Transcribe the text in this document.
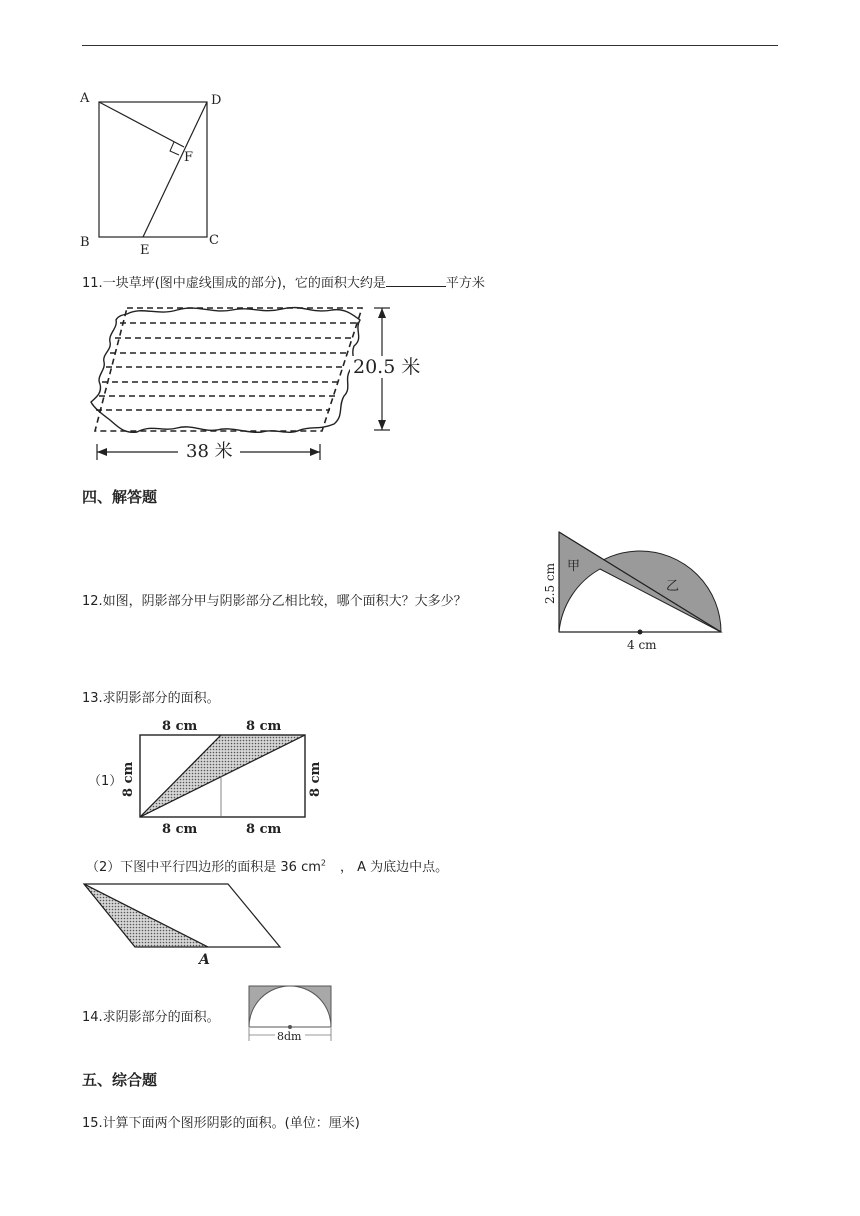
A	D
F
B
E
C
11.一块草坪(图中虚线围成的部分)，它的面积大约是	平方米
20.5 米
38 米
四、解答题
12.如图，阴影部分甲与阴影部分乙相比较，哪个面积大？大多少？
甲
乙
2.5 cm
4 cm
13.求阴影部分的面积。
（1）
8 cm	8 cm
8 cm	8 cm
8 cm	8 cm
（2）下图中平行四边形的面积是 36 $cm^2$ ， A 为底边中点。
A
14.求阴影部分的面积。
8dm
五、综合题
15.计算下面两个图形阴影的面积。(单位：厘米)
